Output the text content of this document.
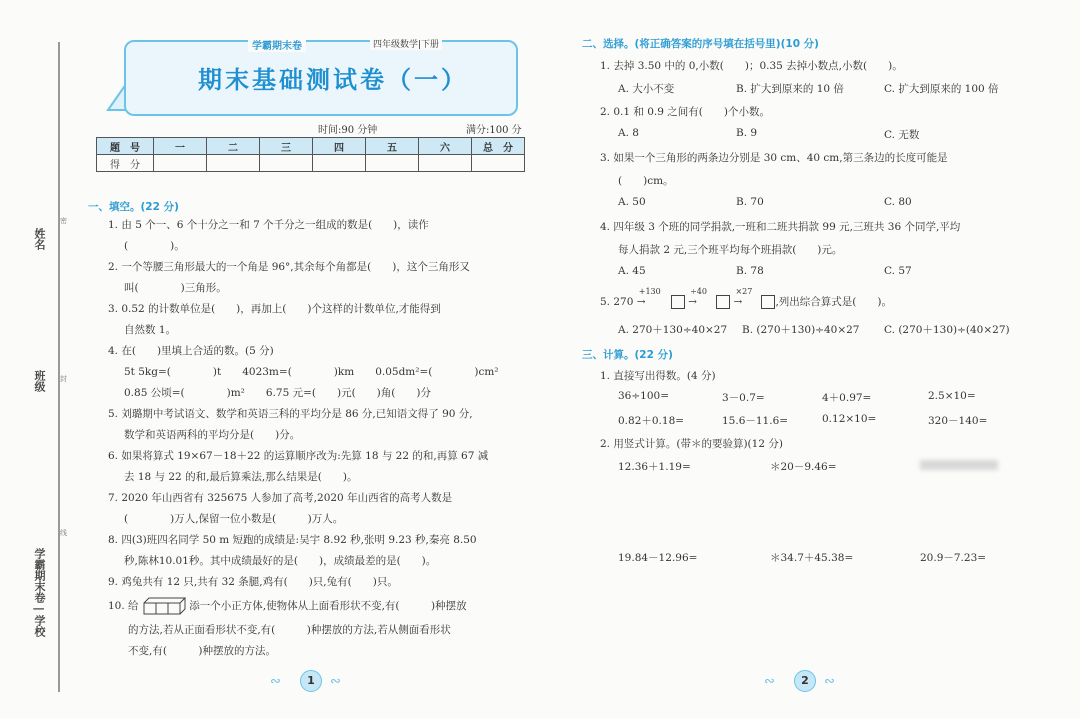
姓名
班级
学霸期末卷 | 学校
密
封
线
学霸期末卷	四年级数学|下册
期末基础测试卷（一）
时间:90 分钟	满分:100 分
题　号	一	二	三	四	五	六	总　分
得　分							
一、填空。(22 分)
1. 由 5 个一、6 个十分之一和 7 个千分之一组成的数是(　　)，读作
(　　　　)。
2. 一个等腰三角形最大的一个角是 96°,其余每个角都是(　　)，这个三角形又
叫(　　　　)三角形。
3. 0.52 的计数单位是(　　)，再加上(　　)个这样的计数单位,才能得到
自然数 1。
4. 在(　　)里填上合适的数。(5 分)
5t 5kg=(　　　　)t　　4023m=(　　　　)km　　0.05dm²=(　　　　)cm²
0.85 公顷=(　　　　)m²　　6.75 元=(　　)元(　　)角(　　)分
5. 刘璐期中考试语文、数学和英语三科的平均分是 86 分,已知语文得了 90 分,
数学和英语两科的平均分是(　　)分。
6. 如果将算式 19×67－18＋22 的运算顺序改为:先算 18 与 22 的和,再算 67 减
去 18 与 22 的和,最后算乘法,那么结果是(　　)。
7. 2020 年山西省有 325675 人参加了高考,2020 年山西省的高考人数是
(　　　　)万人,保留一位小数是(　　　)万人。
8. 四(3)班四名同学 50 m 短跑的成绩是:吴宇 8.92 秒,张明 9.23 秒,秦亮 8.50
秒,陈林10.01秒。其中成绩最好的是(　　)，成绩最差的是(　　)。
9. 鸡兔共有 12 只,共有 32 条腿,鸡有(　　)只,兔有(　　)只。
10. 给	添一个小正方体,使物体从上面看形状不变,有(　　　)种摆放
的方法,若从正面看形状不变,有(　　　)种摆放的方法,若从侧面看形状
不变,有(　　　)种摆放的方法。
∾	1	∾
二、选择。(将正确答案的序号填在括号里)(10 分)
1. 去掉 3.50 中的 0,小数(　　)；0.35 去掉小数点,小数(　　)。
A. 大小不变	B. 扩大到原来的 10 倍	C. 扩大到原来的 100 倍
2. 0.1 和 0.9 之间有(　　)个小数。
A. 8	B. 9	C. 无数
3. 如果一个三角形的两条边分别是 30 cm、40 cm,第三条边的长度可能是
(　　)cm。
A. 50	B. 70	C. 80
4. 四年级 3 个班的同学捐款,一班和二班共捐款 99 元,三班共 36 个同学,平均
每人捐款 2 元,三个班平均每个班捐款(　　)元。
A. 45	B. 78	C. 57
5. 270
+130
→
÷40
→
×27
→	,列出综合算式是(　　)。
A. 270＋130÷40×27 B. (270＋130)÷40×27 C. (270＋130)÷(40×27)
三、计算。(22 分)
1. 直接写出得数。(4 分)
36÷100=	3－0.7=	4＋0.97=	2.5×10=
0.82＋0.18=	15.6－11.6=	0.12×10=	320－140=
2. 用竖式计算。(带＊的要验算)(12 分)
12.36＋1.19=	＊20－9.46=
19.84－12.96=	＊34.7＋45.38=	20.9－7.23=
∾	2	∾
